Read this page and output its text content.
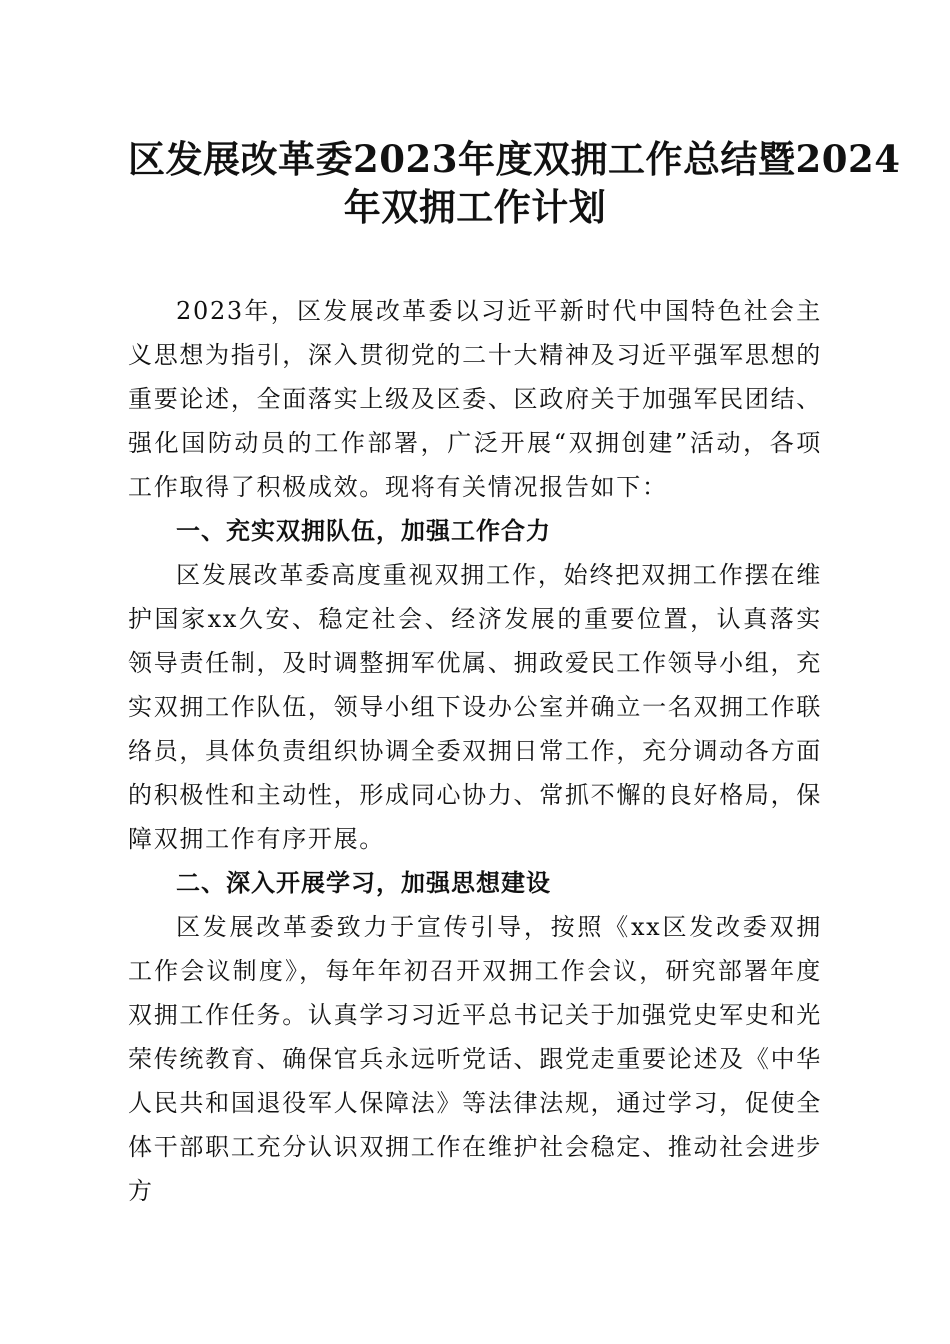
区发展改革委2023年度双拥工作总结暨2024
年双拥工作计划

2023年，区发展改革委以习近平新时代中国特色社会主义思想为指引，深入贯彻党的二十大精神及习近平强军思想的重要论述，全面落实上级及区委、区政府关于加强军民团结、强化国防动员的工作部署，广泛开展“双拥创建”活动，各项工作取得了积极成效。现将有关情况报告如下：

一、充实双拥队伍，加强工作合力

区发展改革委高度重视双拥工作，始终把双拥工作摆在维护国家xx久安、稳定社会、经济发展的重要位置，认真落实领导责任制，及时调整拥军优属、拥政爱民工作领导小组，充实双拥工作队伍，领导小组下设办公室并确立一名双拥工作联络员，具体负责组织协调全委双拥日常工作，充分调动各方面的积极性和主动性，形成同心协力、常抓不懈的良好格局，保障双拥工作有序开展。

二、深入开展学习，加强思想建设

区发展改革委致力于宣传引导，按照《xx区发改委双拥工作会议制度》，每年年初召开双拥工作会议，研究部署年度双拥工作任务。认真学习习近平总书记关于加强党史军史和光荣传统教育、确保官兵永远听党话、跟党走重要论述及《中华人民共和国退役军人保障法》等法律法规，通过学习，促使全体干部职工充分认识双拥工作在维护社会稳定、推动社会进步方
